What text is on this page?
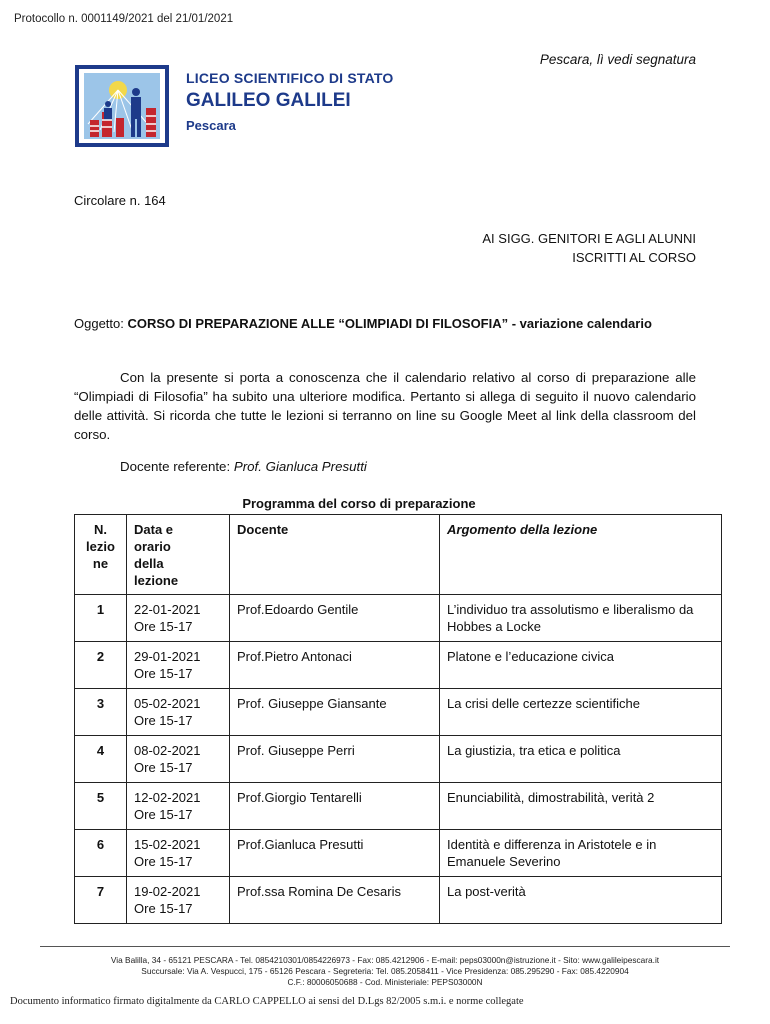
Protocollo n. 0001149/2021 del 21/01/2021
Pescara, lì vedi segnatura
LICEO SCIENTIFICO DI STATO
GALILEO GALILEI
Pescara
Circolare n. 164
AI SIGG. GENITORI E AGLI ALUNNI
ISCRITTI AL CORSO
Oggetto: CORSO DI PREPARAZIONE ALLE “OLIMPIADI DI FILOSOFIA” - variazione calendario
Con la presente si porta a conoscenza che il calendario relativo al corso di preparazione alle “Olimpiadi di Filosofia” ha subito una ulteriore modifica. Pertanto si allega di seguito il nuovo calendario delle attività. Si ricorda che tutte le lezioni si terranno on line su Google Meet al link della classroom del corso.
Docente referente: Prof. Gianluca Presutti
Programma del corso di preparazione
N. lezio ne	Data e orario della lezione	Docente	Argomento della lezione

1	22-01-2021
Ore 15-17	Prof.Edoardo Gentile	L’individuo tra assolutismo e liberalismo da Hobbes a Locke

2	29-01-2021
Ore 15-17	Prof.Pietro Antonaci	Platone e l’educazione civica

3	05-02-2021
Ore 15-17	Prof. Giuseppe Giansante	La crisi delle certezze scientifiche

4	08-02-2021
Ore 15-17	Prof. Giuseppe Perri	La giustizia, tra etica e politica

5	12-02-2021
Ore 15-17	Prof.Giorgio Tentarelli	Enunciabilità, dimostrabilità, verità 2

6	15-02-2021
Ore 15-17	Prof.Gianluca Presutti	Identità e differenza in Aristotele e in Emanuele Severino

7	19-02-2021
Ore 15-17	Prof.ssa Romina De Cesaris	La post-verità
Via Balilla, 34 - 65121 PESCARA - Tel. 0854210301/0854226973 - Fax: 085.4212906 - E-mail: peps03000n@istruzione.it - Sito: www.galileipescara.it
Succursale: Via A. Vespucci, 175 - 65126 Pescara - Segreteria: Tel. 085.2058411 - Vice Presidenza: 085.295290 - Fax: 085.4220904
C.F.: 80006050688 - Cod. Ministeriale: PEPS03000N
Documento informatico firmato digitalmente da CARLO CAPPELLO ai sensi del D.Lgs 82/2005 s.m.i. e norme collegate
